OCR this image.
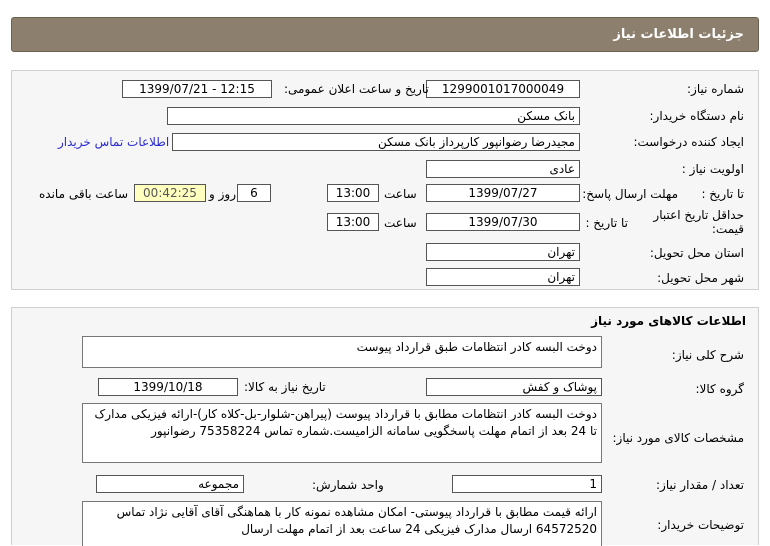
جزئیات اطلاعات نیاز
شماره نیاز:
1299001017000049
تاریخ و ساعت اعلان عمومی:
1399/07/21 - 12:15
نام دستگاه خریدار:
بانک مسکن
ایجاد کننده درخواست:
مجیدرضا رضوانپور کارپرداز بانک مسکن
اطلاعات تماس خریدار
اولویت نیاز :
عادی
مهلت ارسال پاسخ: تا تاریخ :
1399/07/27
ساعت
13:00
6
روز و
00:42:25
ساعت باقی مانده
حداقل تاریخ اعتبار قیمت:
تا تاریخ :
1399/07/30
ساعت
13:00
استان محل تحویل:
تهران
شهر محل تحویل:
تهران
اطلاعات کالاهای مورد نیاز
شرح کلی نیاز:
دوخت البسه کادر انتظامات طبق قرارداد پیوست
گروه کالا:
پوشاک و کفش
تاریخ نیاز به کالا:
1399/10/18
مشخصات کالای مورد نیاز:
دوخت البسه کادر انتظامات مطابق با قرارداد پیوست (پیراهن-شلوار-بل-کلاه کار)-ارائه فیزیکی مدارک تا 24 بعد از اتمام مهلت پاسخگویی سامانه الزامیست.شماره تماس 75358224 رضوانپور
تعداد / مقدار نیاز:
1
واحد شمارش:
مجموعه
توضیحات خریدار:
ارائه قیمت مطابق با قرارداد پیوستی- امکان مشاهده نمونه کار با هماهنگی آقای آقایی نژاد تماس 64572520 ارسال مدارک فیزیکی 24 ساعت بعد از اتمام مهلت ارسال
